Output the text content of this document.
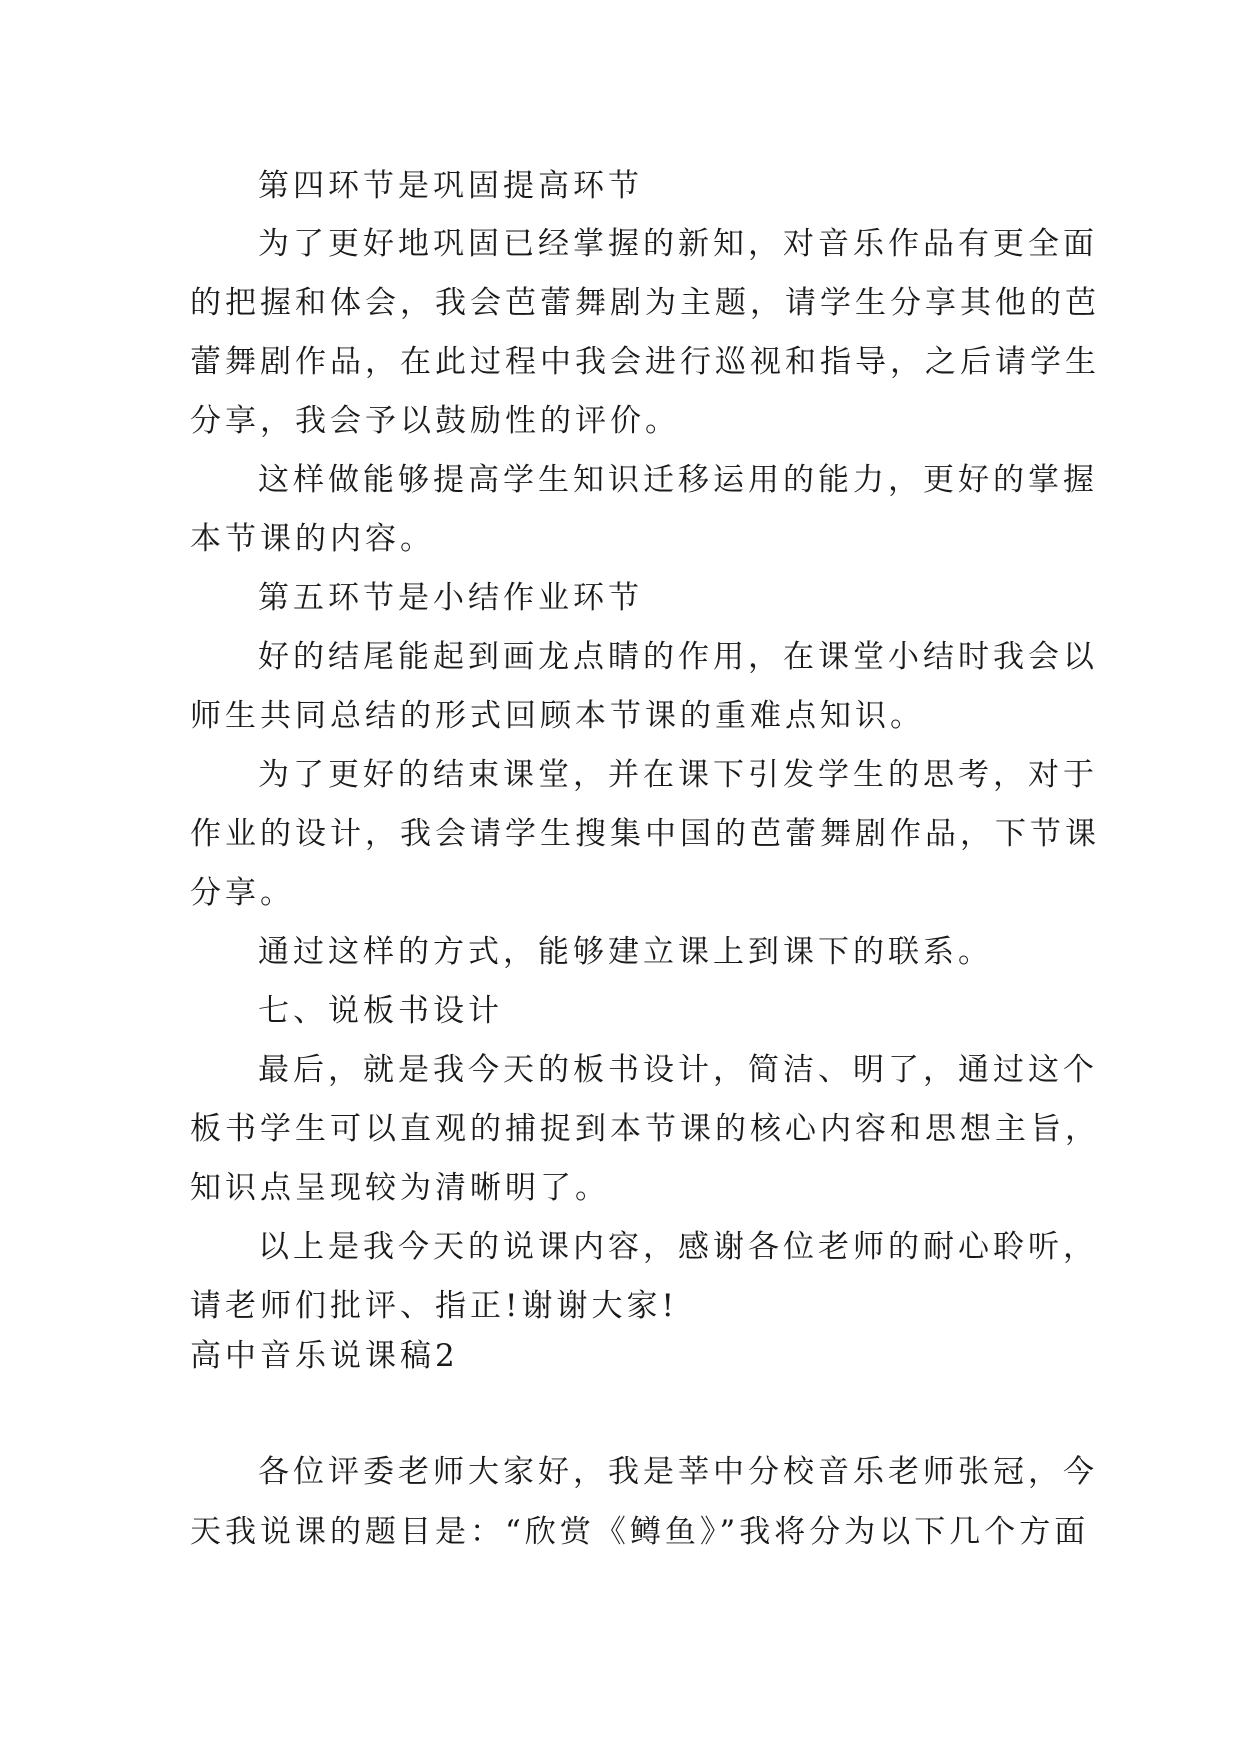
第四环节是巩固提高环节
为了更好地巩固已经掌握的新知，对音乐作品有更全面
的把握和体会，我会芭蕾舞剧为主题，请学生分享其他的芭
蕾舞剧作品，在此过程中我会进行巡视和指导，之后请学生
分享，我会予以鼓励性的评价。
这样做能够提高学生知识迁移运用的能力，更好的掌握
本节课的内容。
第五环节是小结作业环节
好的结尾能起到画龙点睛的作用，在课堂小结时我会以
师生共同总结的形式回顾本节课的重难点知识。
为了更好的结束课堂，并在课下引发学生的思考，对于
作业的设计，我会请学生搜集中国的芭蕾舞剧作品，下节课
分享。
通过这样的方式，能够建立课上到课下的联系。
七、说板书设计
最后，就是我今天的板书设计，简洁、明了，通过这个
板书学生可以直观的捕捉到本节课的核心内容和思想主旨，
知识点呈现较为清晰明了。
以上是我今天的说课内容，感谢各位老师的耐心聆听，
请老师们批评、指正!谢谢大家!
高中音乐说课稿2
各位评委老师大家好，我是莘中分校音乐老师张冠，今
天我说课的题目是：“欣赏《鳟鱼》”我将分为以下几个方面
